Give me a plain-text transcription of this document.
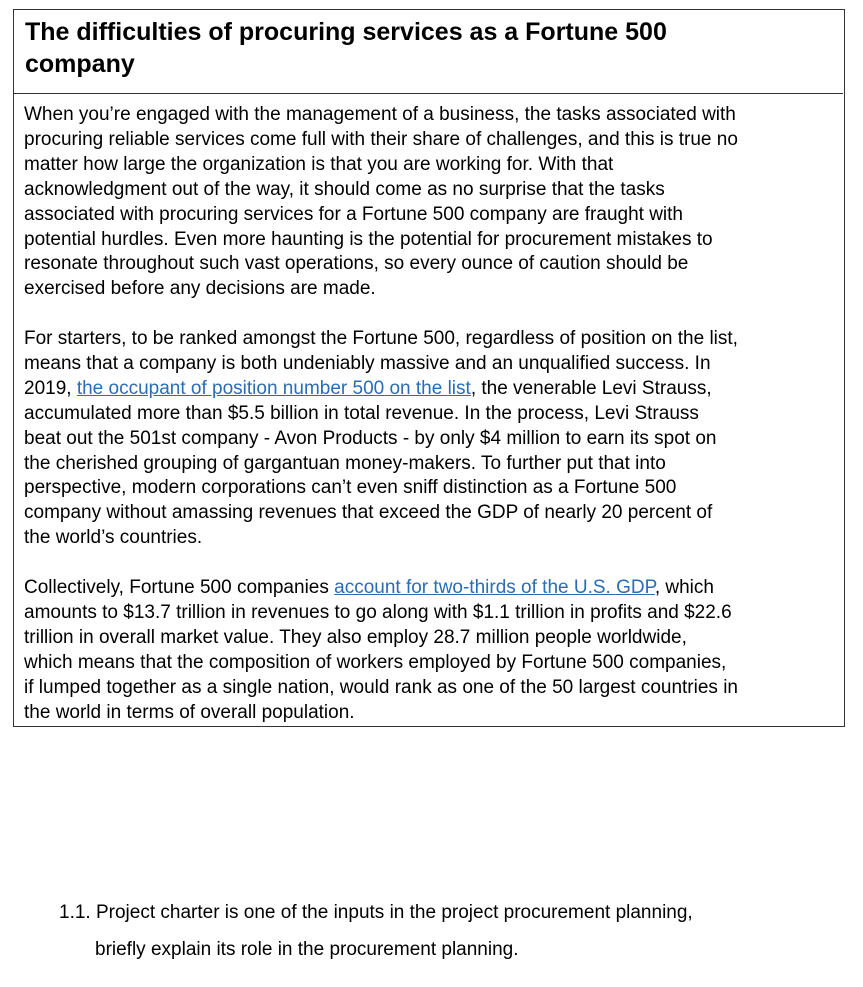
The difficulties of procuring services as a Fortune 500
company

When you’re engaged with the management of a business, the tasks associated with
procuring reliable services come full with their share of challenges, and this is true no
matter how large the organization is that you are working for. With that
acknowledgment out of the way, it should come as no surprise that the tasks
associated with procuring services for a Fortune 500 company are fraught with
potential hurdles. Even more haunting is the potential for procurement mistakes to
resonate throughout such vast operations, so every ounce of caution should be
exercised before any decisions are made.

For starters, to be ranked amongst the Fortune 500, regardless of position on the list,
means that a company is both undeniably massive and an unqualified success. In
2019, the occupant of position number 500 on the list, the venerable Levi Strauss,
accumulated more than $5.5 billion in total revenue. In the process, Levi Strauss
beat out the 501st company - Avon Products - by only $4 million to earn its spot on
the cherished grouping of gargantuan money-makers. To further put that into
perspective, modern corporations can’t even sniff distinction as a Fortune 500
company without amassing revenues that exceed the GDP of nearly 20 percent of
the world’s countries.

Collectively, Fortune 500 companies account for two-thirds of the U.S. GDP, which
amounts to $13.7 trillion in revenues to go along with $1.1 trillion in profits and $22.6
trillion in overall market value. They also employ 28.7 million people worldwide,
which means that the composition of workers employed by Fortune 500 companies,
if lumped together as a single nation, would rank as one of the 50 largest countries in
the world in terms of overall population.

1.1. Project charter is one of the inputs in the project procurement planning,
briefly explain its role in the procurement planning.
